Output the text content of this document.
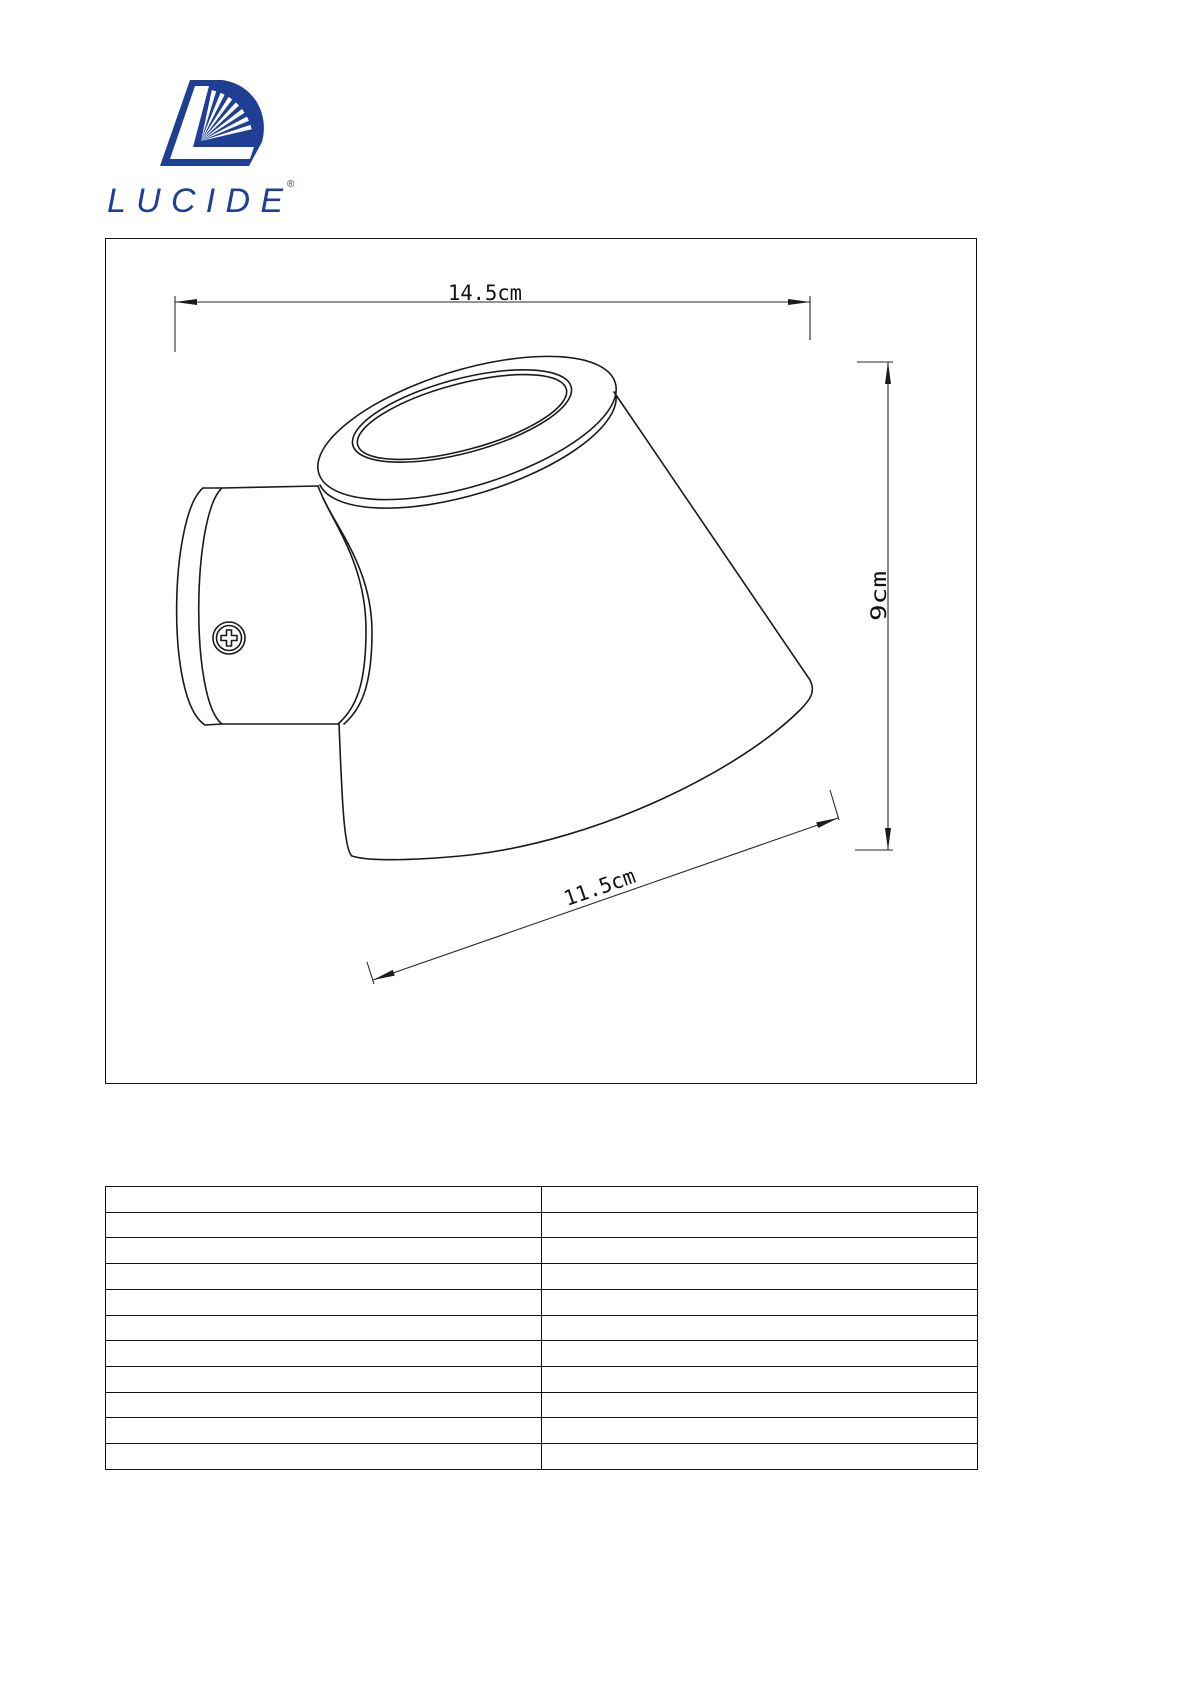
LUCIDE ®
14.5cm
9cm
11.5cm
